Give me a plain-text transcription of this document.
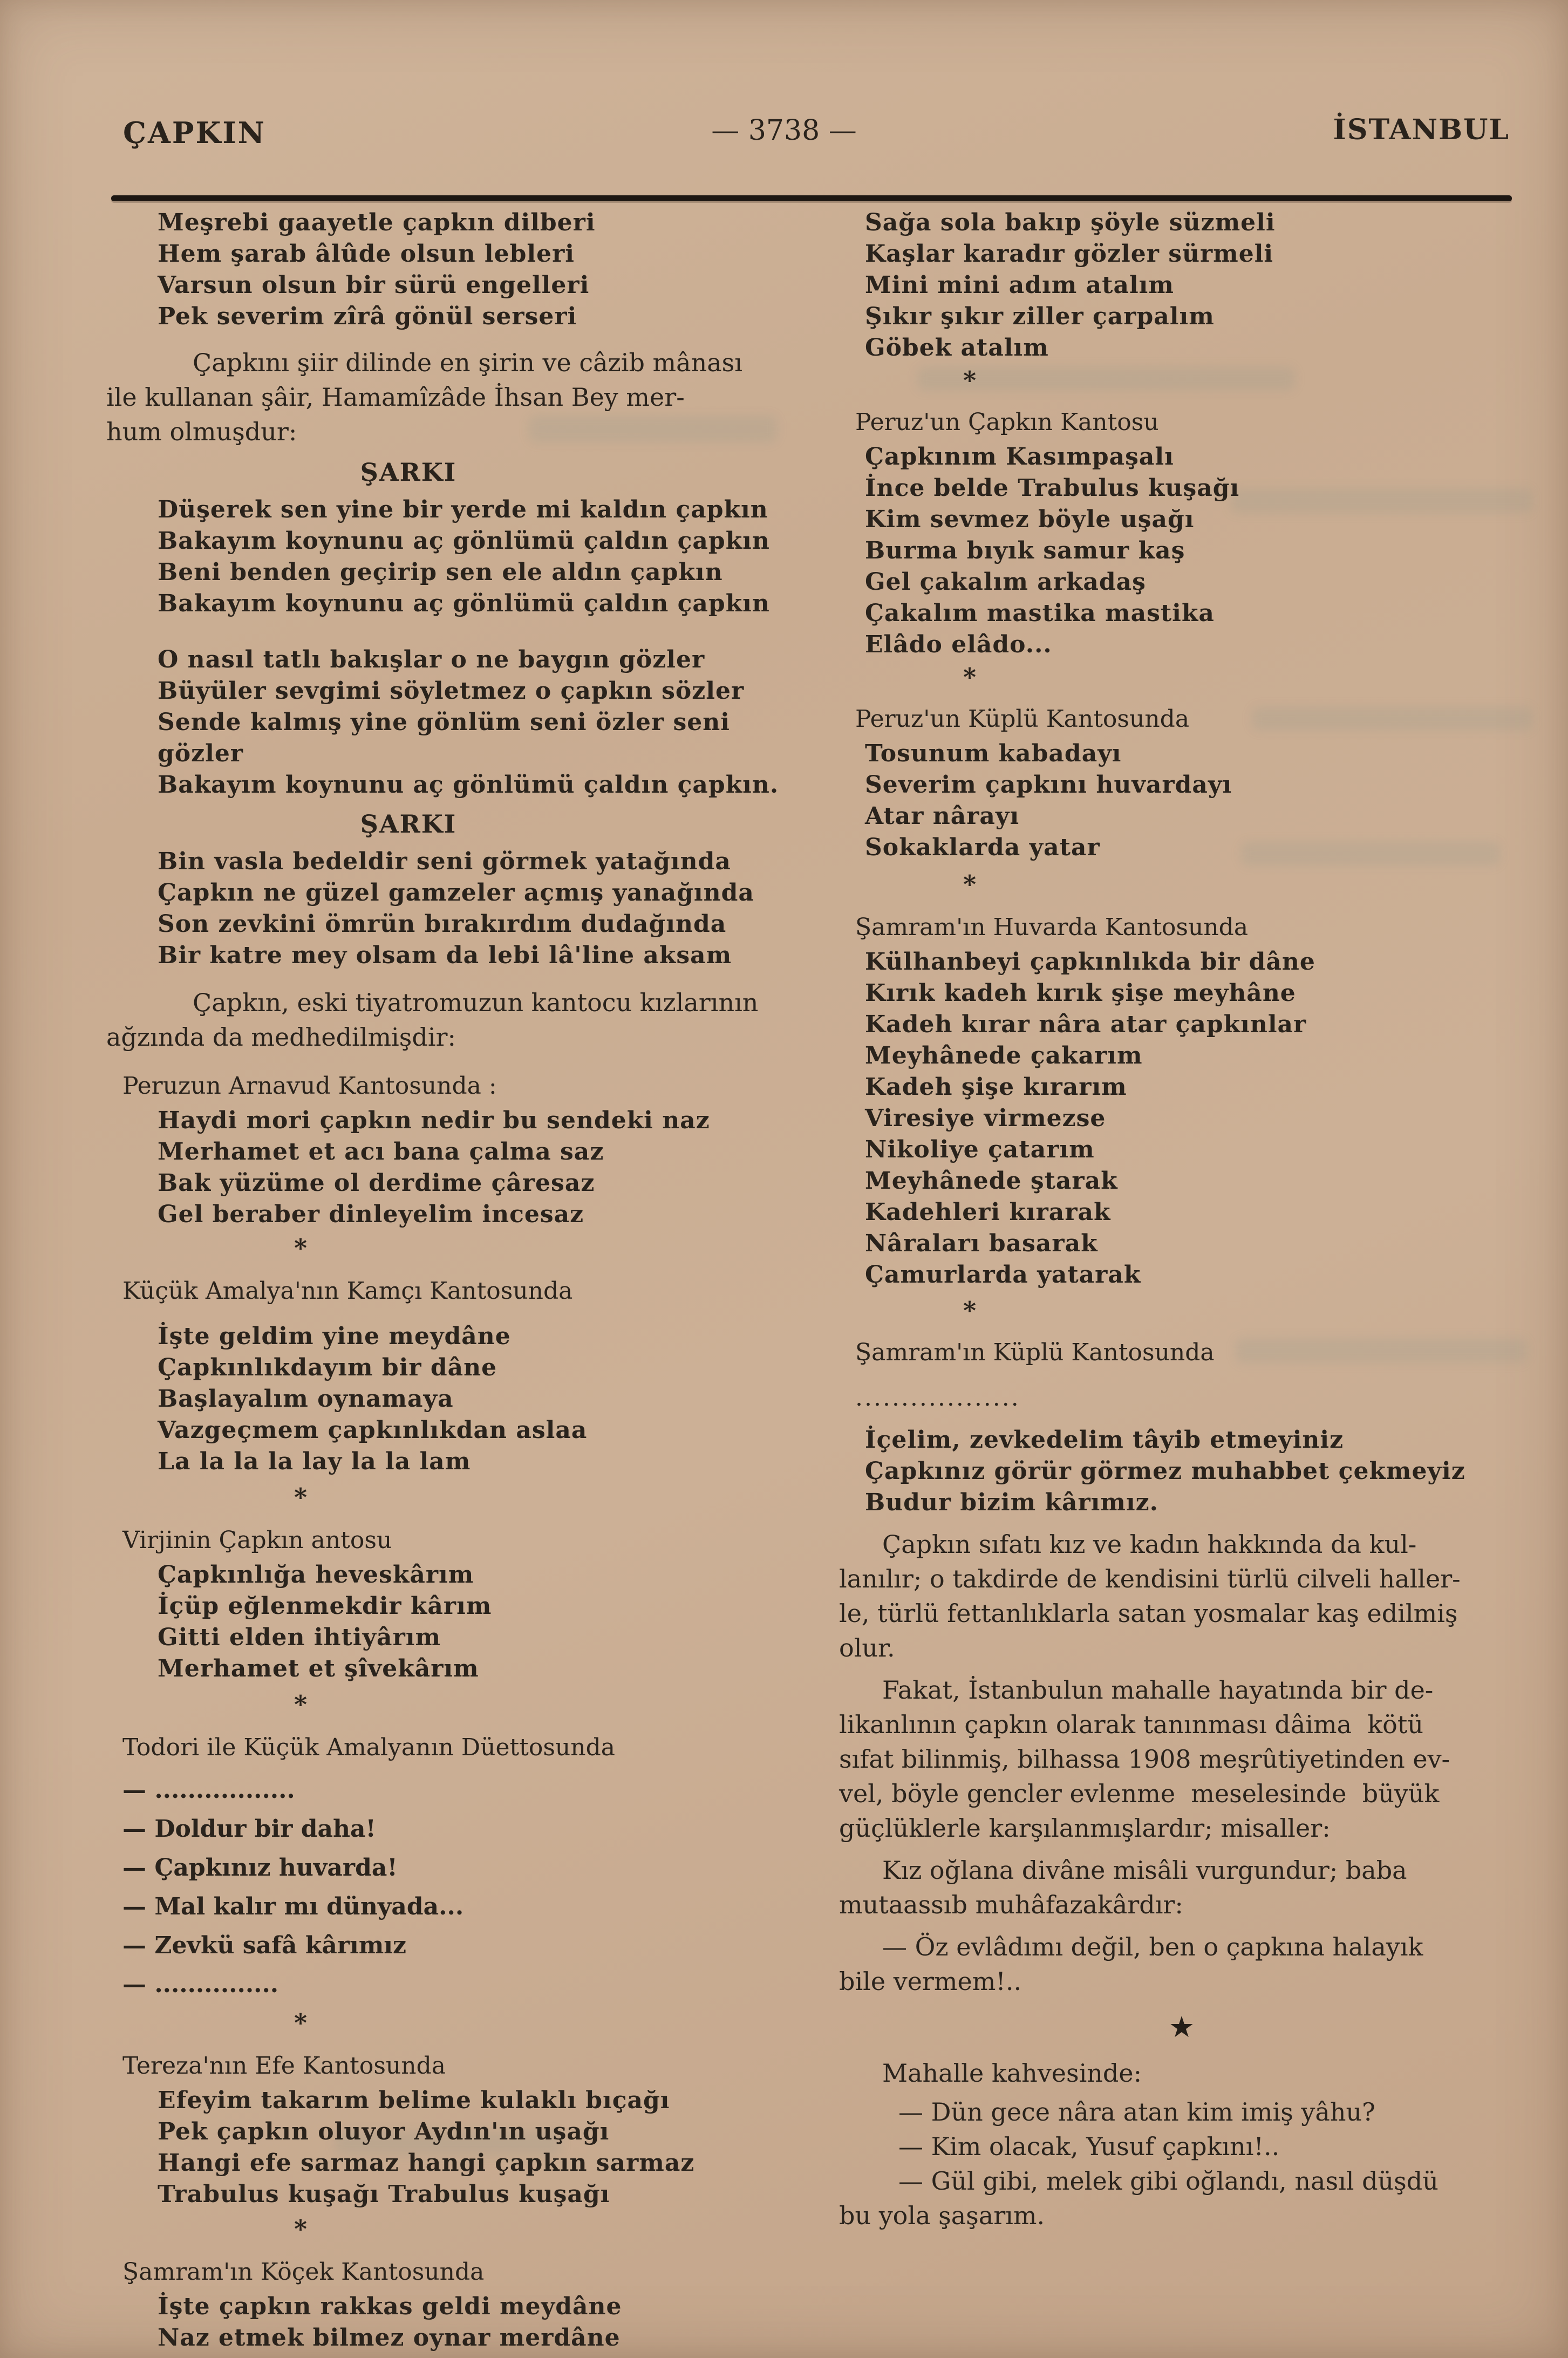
ÇAPKIN	— 3738 —	İSTANBUL
Meşrebi gaayetle çapkın dilberi
Hem şarab âlûde olsun lebleri
Varsun olsun bir sürü engelleri
Pek severim zîrâ gönül serseri
Çapkını şiir dilinde en şirin ve câzib mânası
ile kullanan şâir, Hamamîzâde İhsan Bey mer-
hum olmuşdur:
ŞARKI
Düşerek sen yine bir yerde mi kaldın çapkın
Bakayım koynunu aç gönlümü çaldın çapkın
Beni benden geçirip sen ele aldın çapkın
Bakayım koynunu aç gönlümü çaldın çapkın
O nasıl tatlı bakışlar o ne baygın gözler
Büyüler sevgimi söyletmez o çapkın sözler
Sende kalmış yine gönlüm seni özler seni gözler
Bakayım koynunu aç gönlümü çaldın çapkın.
ŞARKI
Bin vasla bedeldir seni görmek yatağında
Çapkın ne güzel gamzeler açmış yanağında
Son zevkini ömrün bırakırdım dudağında
Bir katre mey olsam da lebi lâ'line aksam
Çapkın, eski tiyatromuzun kantocu kızlarının
ağzında da medhedilmişdir:
Peruzun Arnavud Kantosunda :
Haydi mori çapkın nedir bu sendeki naz
Merhamet et acı bana çalma saz
Bak yüzüme ol derdime çâresaz
Gel beraber dinleyelim incesaz
*
Küçük Amalya'nın Kamçı Kantosunda
İşte geldim yine meydâne
Çapkınlıkdayım bir dâne
Başlayalım oynamaya
Vazgeçmem çapkınlıkdan aslaa
La la la la lay la la lam
*
Virjinin Çapkın antosu
Çapkınlığa heveskârım
İçüp eğlenmekdir kârım
Gitti elden ihtiyârım
Merhamet et şîvekârım
*
Todori ile Küçük Amalyanın Düettosunda
— .................
— Doldur bir daha!
— Çapkınız huvarda!
— Mal kalır mı dünyada...
— Zevkü safâ kârımız
— ...............
*
Tereza'nın Efe Kantosunda
Efeyim takarım belime kulaklı bıçağı
Pek çapkın oluyor Aydın'ın uşağı
Hangi efe sarmaz hangi çapkın sarmaz
Trabulus kuşağı Trabulus kuşağı
*
Şamram'ın Köçek Kantosunda
İşte çapkın rakkas geldi meydâne
Naz etmek bilmez oynar merdâne
Sağa sola bakıp şöyle süzmeli
Kaşlar karadır gözler sürmeli
Mini mini adım atalım
Şıkır şıkır ziller çarpalım
Göbek atalım
*
Peruz'un Çapkın Kantosu
Çapkınım Kasımpaşalı
İnce belde Trabulus kuşağı
Kim sevmez böyle uşağı
Burma bıyık samur kaş
Gel çakalım arkadaş
Çakalım mastika mastika
Elâdo elâdo...
*
Peruz'un Küplü Kantosunda
Tosunum kabadayı
Severim çapkını huvardayı
Atar nârayı
Sokaklarda yatar
*
Şamram'ın Huvarda Kantosunda
Külhanbeyi çapkınlıkda bir dâne
Kırık kadeh kırık şişe meyhâne
Kadeh kırar nâra atar çapkınlar
Meyhânede çakarım
Kadeh şişe kırarım
Viresiye virmezse
Nikoliye çatarım
Meyhânede ştarak
Kadehleri kırarak
Nâraları basarak
Çamurlarda yatarak
*
Şamram'ın Küplü Kantosunda
..................
İçelim, zevkedelim tâyib etmeyiniz
Çapkınız görür görmez muhabbet çekmeyiz
Budur bizim kârımız.
Çapkın sıfatı kız ve kadın hakkında da kul-
lanılır; o takdirde de kendisini türlü cilveli haller-
le, türlü fettanlıklarla satan yosmalar kaş edilmiş
olur.
Fakat, İstanbulun mahalle hayatında bir de-
likanlının çapkın olarak tanınması dâima  kötü
sıfat bilinmiş, bilhassa 1908 meşrûtiyetinden ev-
vel, böyle gencler evlenme  meselesinde  büyük
güçlüklerle karşılanmışlardır; misaller:
Kız oğlana divâne misâli vurgundur; baba
mutaassıb muhâfazakârdır:
— Öz evlâdımı değil, ben o çapkına halayık
bile vermem!..
★
Mahalle kahvesinde:
— Dün gece nâra atan kim imiş yâhu?
— Kim olacak, Yusuf çapkını!..
— Gül gibi, melek gibi oğlandı, nasıl düşdü
bu yola şaşarım.
